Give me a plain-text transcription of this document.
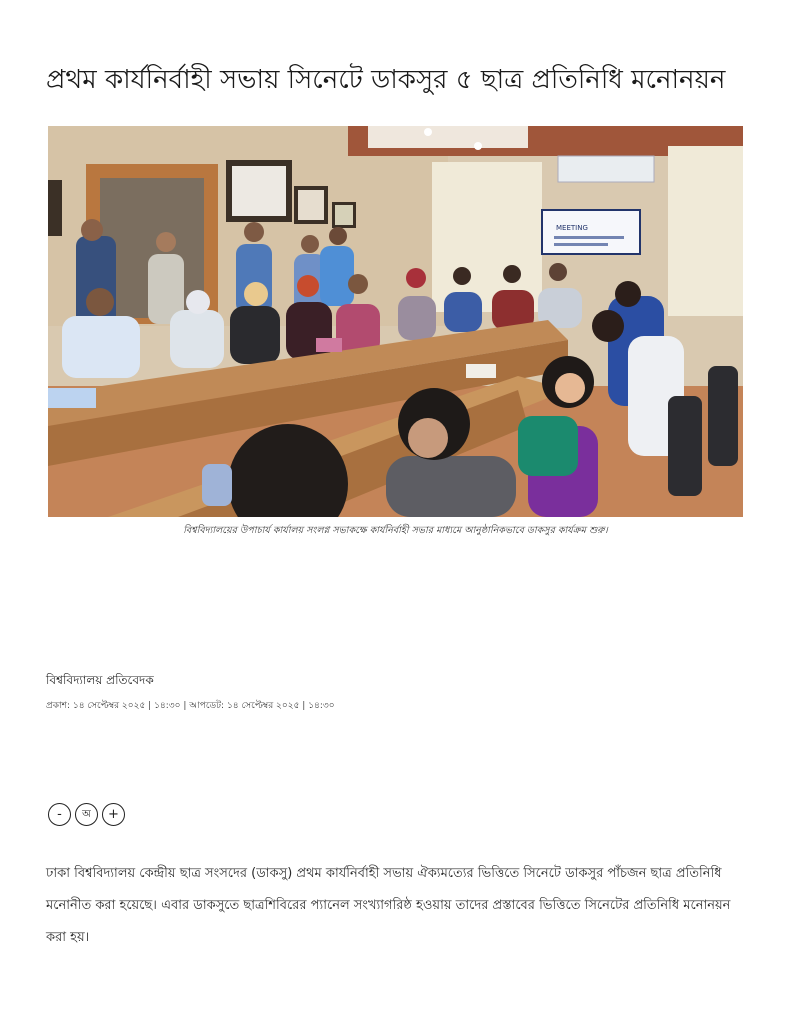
প্রথম কার্যনির্বাহী সভায় সিনেটে ডাকসুর ৫ ছাত্র প্রতিনিধি মনোনয়ন
MEETING
বিশ্ববিদ্যালয়ের উপাচার্য কার্যালয় সংলগ্ন সভাকক্ষে কার্যনির্বাহী সভার মাধ্যমে আনুষ্ঠানিকভাবে ডাকসুর কার্যক্রম শুরু।
বিশ্ববিদ্যালয় প্রতিবেদক
প্রকাশ: ১৪ সেপ্টেম্বর ২০২৫ | ১৪:৩০ | আপডেট: ১৪ সেপ্টেম্বর ২০২৫ | ১৪:৩০
-	অ	+

ঢাকা বিশ্ববিদ্যালয় কেন্দ্রীয় ছাত্র সংসদের (ডাকসু) প্রথম কার্যনির্বাহী সভায় ঐক্যমত্যের ভিত্তিতে সিনেটে ডাকসুর পাঁচজন ছাত্র প্রতিনিধি মনোনীত করা হয়েছে। এবার ডাকসুতে ছাত্রশিবিরের প্যানেল সংখ্যাগরিষ্ঠ হওয়ায় তাদের প্রস্তাবের ভিত্তিতে সিনেটের প্রতিনিধি মনোনয়ন করা হয়।
